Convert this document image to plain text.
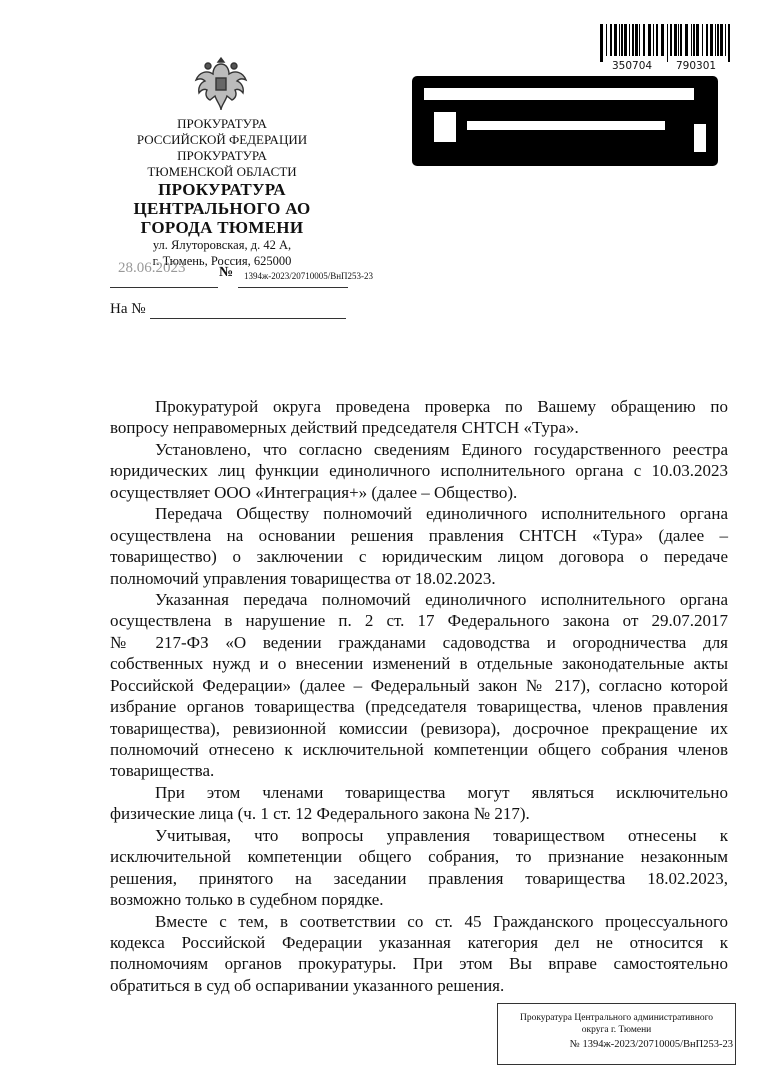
350704 790301
ПРОКУРАТУРА
РОССИЙСКОЙ ФЕДЕРАЦИИ
ПРОКУРАТУРА
ТЮМЕНСКОЙ ОБЛАСТИ
ПРОКУРАТУРА
ЦЕНТРАЛЬНОГО АО
ГОРОДА ТЮМЕНИ
ул. Ялуторовская, д. 42 А,
г. Тюмень, Россия, 625000
28.06.2023 № 1394ж-2023/20710005/ВнП253-23
На №
Прокуратурой округа проведена проверка по Вашему обращению по
вопросу неправомерных действий председателя СНТСН «Тура».
Установлено, что согласно сведениям Единого государственного реестра
юридических лиц функции единоличного исполнительного органа с 10.03.2023
осуществляет ООО «Интеграция+» (далее – Общество).
Передача Обществу полномочий единоличного исполнительного органа
осуществлена на основании решения правления СНТСН «Тура» (далее –
товарищество) о заключении с юридическим лицом договора о передаче
полномочий управления товарищества от 18.02.2023.
Указанная передача полномочий единоличного исполнительного органа
осуществлена в нарушение п. 2 ст. 17 Федерального закона от 29.07.2017
№ 217-ФЗ «О ведении гражданами садоводства и огородничества для
собственных нужд и о внесении изменений в отдельные законодательные акты
Российской Федерации» (далее – Федеральный закон № 217), согласно которой
избрание органов товарищества (председателя товарищества, членов правления
товарищества), ревизионной комиссии (ревизора), досрочное прекращение их
полномочий отнесено к исключительной компетенции общего собрания членов
товарищества.
При этом членами товарищества могут являться исключительно
физические лица (ч. 1 ст. 12 Федерального закона № 217).
Учитывая, что вопросы управления товариществом отнесены к
исключительной компетенции общего собрания, то признание незаконным
решения, принятого на заседании правления товарищества 18.02.2023,
возможно только в судебном порядке.
Вместе с тем, в соответствии со ст. 45 Гражданского процессуального
кодекса Российской Федерации указанная категория дел не относится к
полномочиям органов прокуратуры. При этом Вы вправе самостоятельно
обратиться в суд об оспаривании указанного решения.
Прокуратура Центрального административного
округа г. Тюмени
№ 1394ж-2023/20710005/ВнП253-23
